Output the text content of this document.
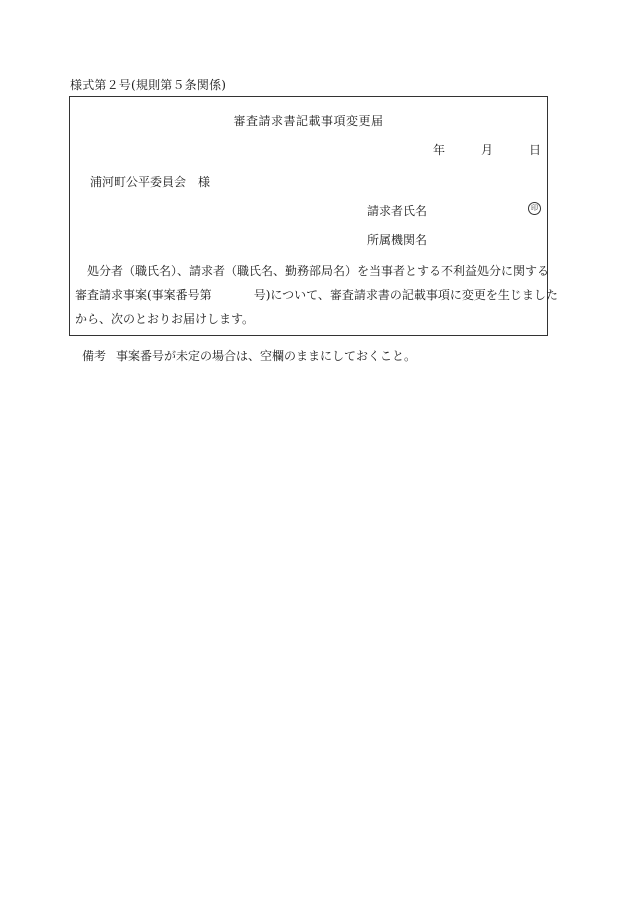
様式第２号(規則第５条関係)
審査請求書記載事項変更届
年	月	日
浦河町公平委員会　様
請求者氏名	印
所属機関名
処分者（職氏名）、請求者（職氏名、勤務部局名）を当事者とする不利益処分に関する
審査請求事案(事案番号第	号)について、審査請求書の記載事項に変更を生じました
から、次のとおりお届けします。
備考 事案番号が未定の場合は、空欄のままにしておくこと。
